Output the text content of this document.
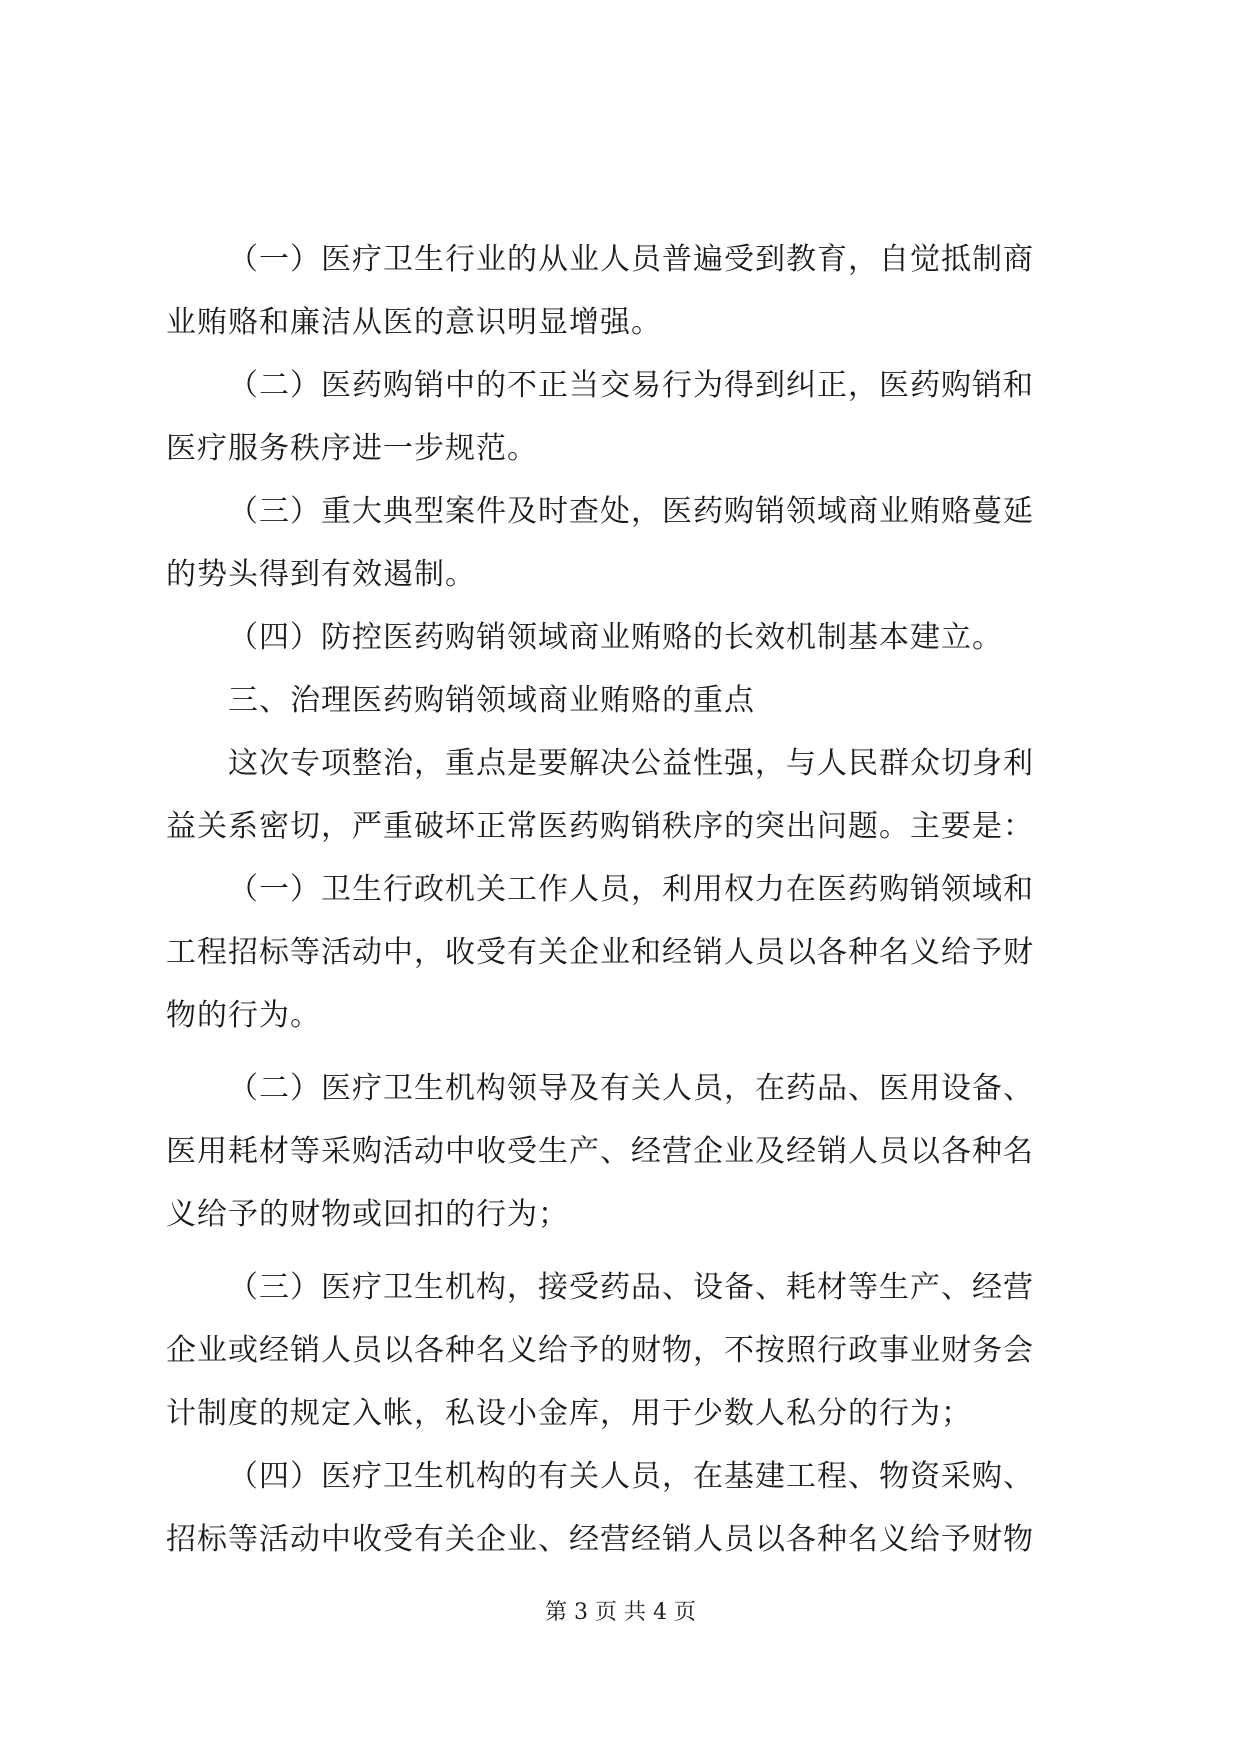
（一）医疗卫生行业的从业人员普遍受到教育，自觉抵制商
业贿赂和廉洁从医的意识明显增强。
（二）医药购销中的不正当交易行为得到纠正，医药购销和
医疗服务秩序进一步规范。
（三）重大典型案件及时查处，医药购销领域商业贿赂蔓延
的势头得到有效遏制。
（四）防控医药购销领域商业贿赂的长效机制基本建立。
三、治理医药购销领域商业贿赂的重点
这次专项整治，重点是要解决公益性强，与人民群众切身利
益关系密切，严重破坏正常医药购销秩序的突出问题。主要是：
（一）卫生行政机关工作人员，利用权力在医药购销领域和
工程招标等活动中，收受有关企业和经销人员以各种名义给予财
物的行为。
（二）医疗卫生机构领导及有关人员，在药品、医用设备、
医用耗材等采购活动中收受生产、经营企业及经销人员以各种名
义给予的财物或回扣的行为；
（三）医疗卫生机构，接受药品、设备、耗材等生产、经营
企业或经销人员以各种名义给予的财物，不按照行政事业财务会
计制度的规定入帐，私设小金库，用于少数人私分的行为；
（四）医疗卫生机构的有关人员，在基建工程、物资采购、
招标等活动中收受有关企业、经营经销人员以各种名义给予财物
第 3 页 共 4 页
